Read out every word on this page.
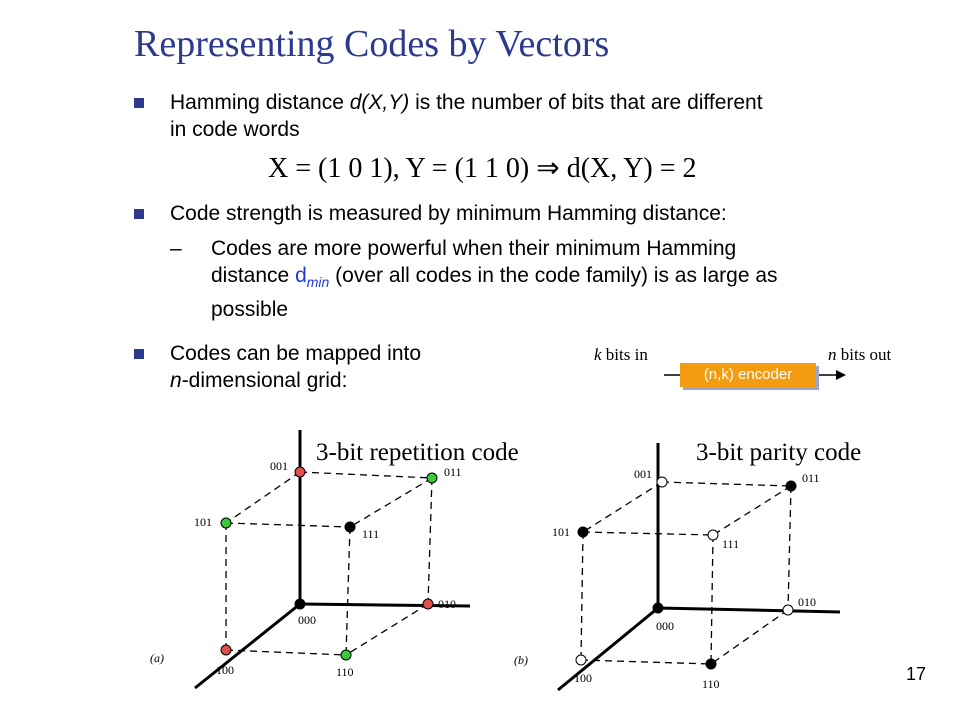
Representing Codes by Vectors
Hamming distance d(X,Y) is the number of bits that are different
in code words
X = (1 0 1), Y = (1 1 0) ⇒ d(X, Y) = 2
Code strength is measured by minimum Hamming distance:
– Codes are more powerful when their minimum Hamming
distance $d_{min}$ (over all codes in the code family) is as large as
possible
Codes can be mapped into
n-dimensional grid:
k bits in	n bits out
(n,k) encoder
3-bit repetition code
000
001
010
011
100
101
110
111
(a)
3-bit parity code
000
001
010
011
100
101
110
111
(b)
17
